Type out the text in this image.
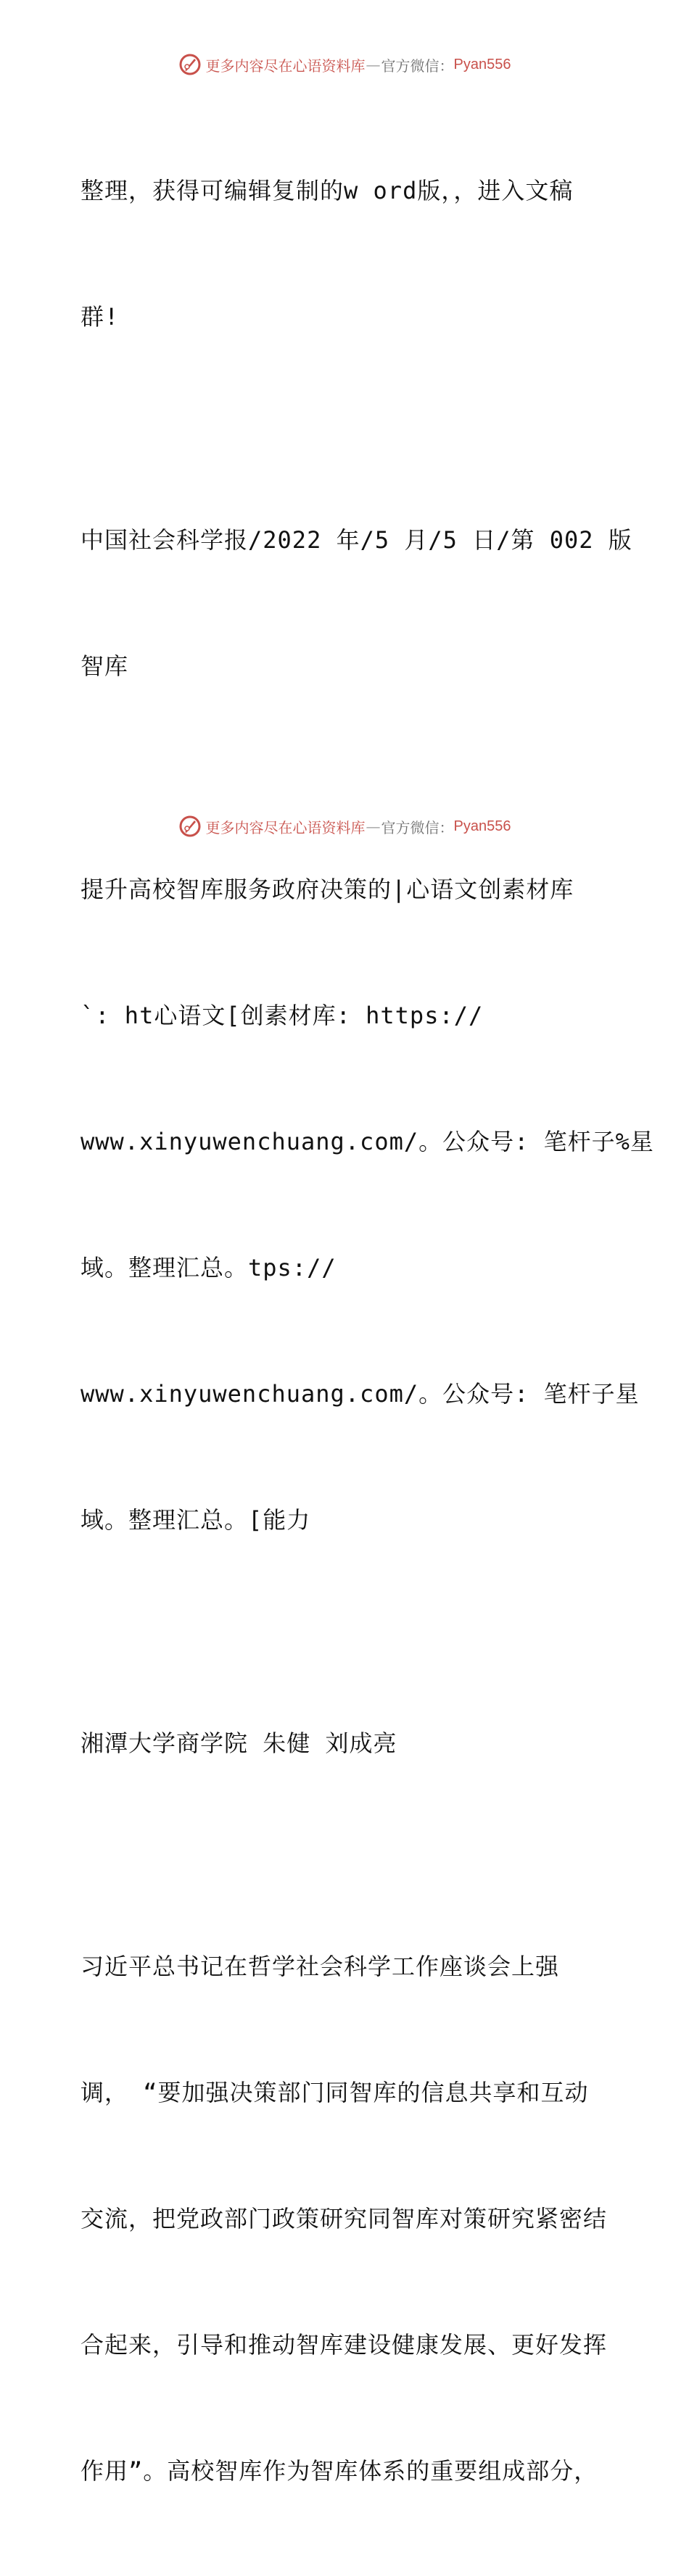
更多内容尽在心语资料库 — 官方微信： Pyan556

整理，获得可编辑复制的w ord版，，进入文稿

群!

中国社会科学报/2022 年/5 月/5 日/第 002 版

智库

提升高校智库服务政府决策的|心语文创素材库

`: ht心语文[创素材库: https://

www.xinyuwenchuang.com/。公众号: 笔杆子%星

域。整理汇总。tps://

www.xinyuwenchuang.com/。公众号: 笔杆子星

域。整理汇总。[能力

湘潭大学商学院 朱健 刘成亮

习近平总书记在哲学社会科学工作座谈会上强

调， “要加强决策部门同智库的信息共享和互动

交流，把党政部门政策研究同智库对策研究紧密结

合起来，引导和推动智库建设健康发展、更好发挥

作用”。高校智库作为智库体系的重要组成部分，

更多内容尽在心语资料库 — 官方微信： Pyan556
